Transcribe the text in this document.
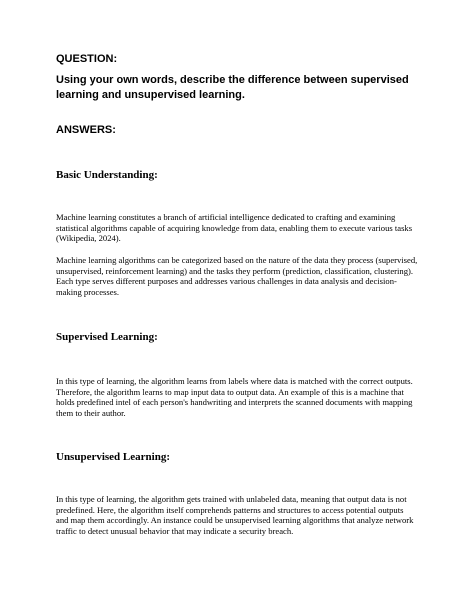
QUESTION:

Using your own words, describe the difference between supervised learning and unsupervised learning.

ANSWERS:

Basic Understanding:

Machine learning constitutes a branch of artificial intelligence dedicated to crafting and examining statistical algorithms capable of acquiring knowledge from data, enabling them to execute various tasks (Wikipedia, 2024).

Machine learning algorithms can be categorized based on the nature of the data they process (supervised, unsupervised, reinforcement learning) and the tasks they perform (prediction, classification, clustering). Each type serves different purposes and addresses various challenges in data analysis and decision-making processes.

Supervised Learning:

In this type of learning, the algorithm learns from labels where data is matched with the correct outputs. Therefore, the algorithm learns to map input data to output data. An example of this is a machine that holds predefined intel of each person's handwriting and interprets the scanned documents with mapping them to their author.

Unsupervised Learning:

In this type of learning, the algorithm gets trained with unlabeled data, meaning that output data is not predefined. Here, the algorithm itself comprehends patterns and structures to access potential outputs and map them accordingly. An instance could be unsupervised learning algorithms that analyze network traffic to detect unusual behavior that may indicate a security breach.
